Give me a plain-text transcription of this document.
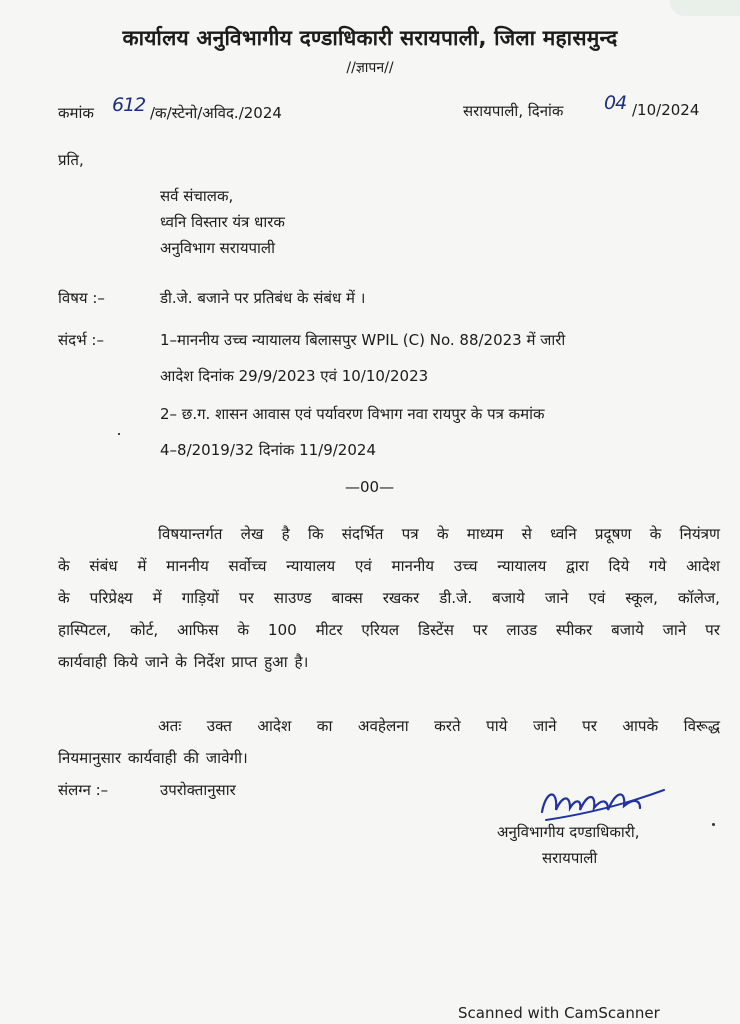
कार्यालय अनुविभागीय दण्डाधिकारी सरायपाली, जिला महासमुन्द
//ज्ञापन//
कमांक 612 /क/स्टेनो/अविद./2024	सरायपाली, दिनांक 04 /10/2024
प्रति,
सर्व संचालक,
ध्वनि विस्तार यंत्र धारक
अनुविभाग सरायपाली
विषय :–	डी.जे. बजाने पर प्रतिबंध के संबंध में ।
संदर्भ :–	1–माननीय उच्च न्यायालय बिलासपुर WPIL (C) No. 88/2023 में जारी
आदेश दिनांक 29/9/2023 एवं 10/10/2023
2– छ.ग. शासन आवास एवं पर्यावरण विभाग नवा रायपुर के पत्र कमांक
4–8/2019/32 दिनांक 11/9/2024
—00—
विषयान्तर्गत लेख है कि संदर्भित पत्र के माध्यम से ध्वनि प्रदूषण के नियंत्रण
के संबंध में माननीय सर्वोच्च न्यायालय एवं माननीय उच्च न्यायालय द्वारा दिये गये आदेश
के परिप्रेक्ष्य में गाड़ियों पर साउण्ड बाक्स रखकर डी.जे. बजाये जाने एवं स्कूल, कॉलेज,
हास्पिटल, कोर्ट, आफिस के 100 मीटर एरियल डिस्टेंस पर लाउड स्पीकर बजाये जाने पर
कार्यवाही किये जाने के निर्देश प्राप्त हुआ है।
अतः उक्त आदेश का अवहेलना करते पाये जाने पर आपके विरूद्ध
नियमानुसार कार्यवाही की जावेगी।
संलग्न :–	उपरोक्तानुसार
अनुविभागीय दण्डाधिकारी,
सरायपाली
Scanned with CamScanner
